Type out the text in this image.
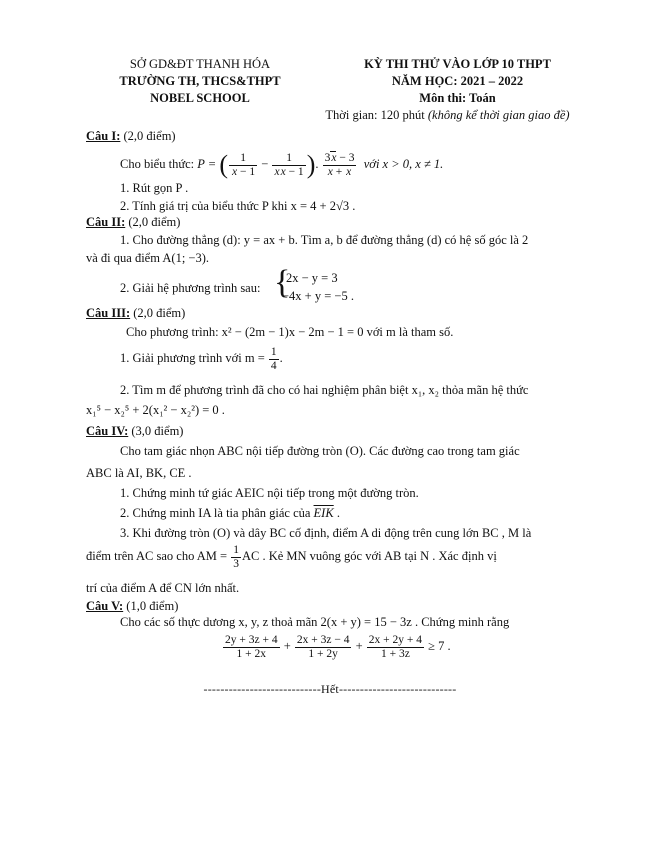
SỞ GD&ĐT THANH HÓA
TRƯỜNG TH, THCS&THPT
NOBEL SCHOOL
KỲ THI THỬ VÀO LỚP 10 THPT
NĂM HỌC: 2021 – 2022
Môn thi: Toán
Thời gian: 120 phút (không kể thời gian giao đề)
Câu I: (2,0 điểm)
Cho biểu thức: P = ( $\frac{1}{x - 1} - \frac{1}{xx - 1}$ ). $\frac{3x - 3}{x + x}$ với x > 0, x ≠ 1.
1. Rút gọn P .
2. Tính giá trị của biểu thức P khi x = 4 + 2√3 .
Câu II: (2,0 điểm)
1. Cho đường thẳng (d): y = ax + b. Tìm a, b để đường thẳng (d) có hệ số góc là 2
và đi qua điểm A(1; −3).
2. Giải hệ phương trình sau: {
2x − y = 3
−4x + y = −5 .
Câu III: (2,0 điểm)
Cho phương trình: x² − (2m − 1)x − 2m − 1 = 0 với m là tham số.
1. Giải phương trình với $m = \frac{1}{4}$ .
2. Tìm m để phương trình đã cho có hai nghiệm phân biệt x₁, x₂ thỏa mãn hệ thức
x₁⁵ − x₂⁵ + 2(x₁² − x₂²) = 0 .
Câu IV: (3,0 điểm)
Cho tam giác nhọn ABC nội tiếp đường tròn (O). Các đường cao trong tam giác
ABC là AI, BK, CE .
1. Chứng minh tứ giác AEIC nội tiếp trong một đường tròn.
2. Chứng minh IA là tia phân giác của $\overline{EIK}$ .
3. Khi đường tròn (O) và dây BC cố định, điểm A di động trên cung lớn BC , M là
điểm trên AC sao cho AM = $\frac{1}{3}$ AC . Kẻ MN vuông góc với AB tại N . Xác định vị
trí của điểm A để CN lớn nhất.
Câu V: (1,0 điểm)
Cho các số thực dương x, y, z thoả mãn 2(x + y) = 15 − 3z . Chứng minh rằng
$\frac{2y + 3z + 4}{1 + 2x} + \frac{2x + 3z - 4}{1 + 2y} + \frac{2x + 2y + 4}{1 + 3z} \ge 7$ .
----------------------------Hết----------------------------
